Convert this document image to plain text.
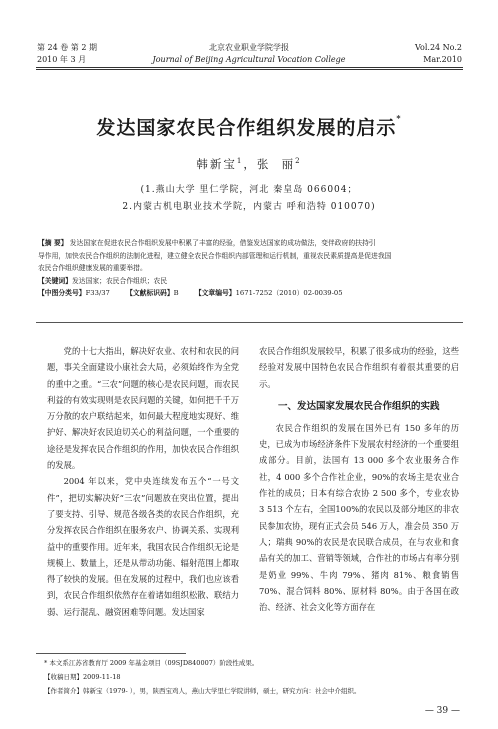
第 24 卷 第 2 期
2010 年 3 月
北京农业职业学院学报
Journal of Beijing Agricultural Vocation College
Vol.24 No.2
Mar.2010
发达国家农民合作组织发展的启示*
韩新宝$^1$，张  丽$^2$
(1.燕山大学 里仁学院，河北 秦皇岛 066004；
2.内蒙古机电职业技术学院，内蒙古 呼和浩特 010070)
【摘 要】 发达国家在促进农民合作组织发展中积累了丰富的经验，借鉴发达国家的成功做法，变伴政府的扶持引
导作用，加快农民合作组织的法制化进程，建立健全农民合作组织内部管理和运行机制，重视农民素质提高是促进我国
农民合作组织健康发展的重要举措。
【关键词】发达国家；农民合作组织；农民
【中图分类号】F33/37 【文献标识码】B 【文章编号】1671-7252（2010）02-0039-05

党的十七大指出，解决好农业、农村和农民的问题，事关全面建设小康社会大局，必须始终作为全党的重中之重。“三农”问题的核心是农民问题，而农民利益的有效实现则是农民问题的关键，如何把千千万万分散的农户联结起来，如何最大程度地实现好、维护好、解决好农民迫切关心的利益问题，一个重要的途径是发挥农民合作组织的作用，加快农民合作组织的发展。

2004 年以来，党中央连续发布五个“一号文件”，把切实解决好“三农”问题放在突出位置，提出了要支持、引导、规范各级各类的农民合作组织，充分发挥农民合作组织在服务农户、协调关系、实现利益中的重要作用。近年来，我国农民合作组织无论是规模上、数量上，还是从带动功能、辐射范围上都取得了较快的发展。但在发展的过程中，我们也应该看到，农民合作组织依然存在着诸如组织松散、联结力弱、运行混乱、融资困难等问题。发达国家

农民合作组织发展较早，积累了很多成功的经验，这些经验对发展中国特色农民合作组织有着很其重要的启示。

一、发达国家发展农民合作组织的实践

农民合作组织的发展在国外已有 150 多年的历史，已成为市场经济条件下发展农村经济的一个重要组成部分。目前，法国有 13 000 多个农业服务合作社，4 000 多个合作社企业，90%的农场主是农业合作社的成员；日本有综合农协 2 500 多个，专业农协 3 513 个左右，全国100%的农民以及部分地区的非农民参加农协，现有正式会员 546 万人，准会员 350 万人；瑞典 90%的农民是农民联合成员，在与农业和食品有关的加工、营销等领域，合作社的市场占有率分别是奶业 99%、牛肉 79%、猪肉 81%、粮食销售 70%、混合饲料 80%、原材料 80%。由于各国在政治、经济、社会文化等方面存在

* 本文系江苏省教育厅 2009 年基金项目（09SJD840007）阶段性成果。
【收稿日期】2009-11-18
【作者简介】韩新宝（1979- ），男，陕西宝鸡人，燕山大学里仁学院讲师，硕士，研究方向：社会中介组织。
— 39 —
